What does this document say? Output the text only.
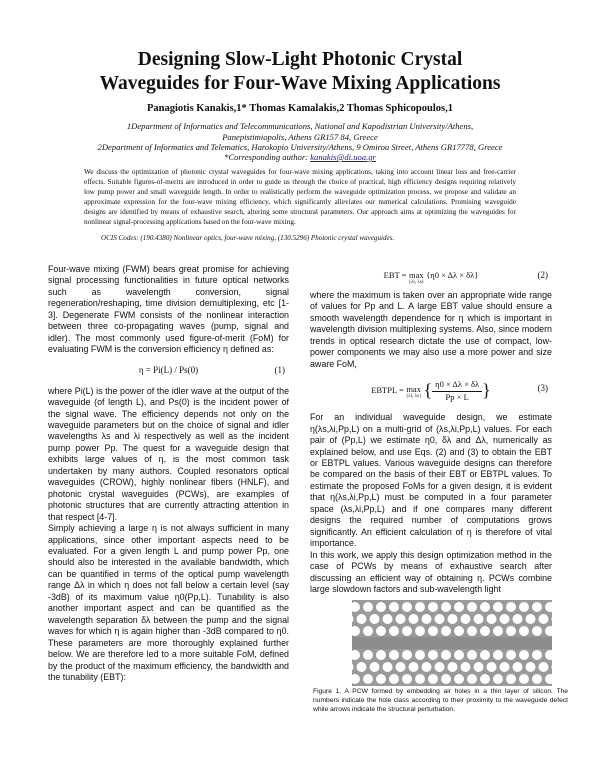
Designing Slow-Light Photonic Crystal
Waveguides for Four-Wave Mixing Applications
Panagiotis Kanakis,1* Thomas Kamalakis,2 Thomas Sphicopoulos,1
1Department of Informatics and Telecommunications, National and Kapodistrian University/Athens,
Panepistimiopolis, Athens GR157 84, Greece
2Department of Informatics and Telematics, Harokopio University/Athens, 9 Omirou Street, Athens GR17778, Greece
*Corresponding author: kanakis@di.uoa.gr

We discuss the optimization of photonic crystal waveguides for four-wave mixing applications, taking into account linear loss and free-carrier effects. Suitable figures-of-merits are introduced in order to guide us through the choice of practical, high efficiency designs requiring relatively low pump power and small waveguide length. In order to realistically perform the waveguide optimization process, we propose and validate an approximate expression for the four-wave mixing efficiency, which significantly alleviates our numerical calculations. Promising waveguide designs are identified by means of exhaustive search, altering some structural parameters. Our approach aims at optimizing the waveguides for nonlinear signal-processing applications based on the four-wave mixing.

OCIS Codes: (190.4380) Nonlinear optics, four-wave mixing, (130.5296) Photonic crystal waveguides.

Four-wave mixing (FWM) bears great promise for achieving signal processing functionalities in future optical networks such as wavelength conversion, signal regeneration/reshaping, time division demultiplexing, etc [1-3]. Degenerate FWM consists of the nonlinear interaction between three co-propagating waves (pump, signal and idler). The most commonly used figure-of-merit (FoM) for evaluating FWM is the conversion efficiency η defined as:

η = Pi(L) / Ps(0)	(1)

where Pi(L) is the power of the idler wave at the output of the waveguide (of length L), and Ps(0) is the incident power of the signal wave. The efficiency depends not only on the waveguide parameters but on the choice of signal and idler wavelengths λs and λi respectively as well as the incident pump power Pp. The quest for a waveguide design that exhibits large values of η, is the most common task undertaken by many authors. Coupled resonators optical waveguides (CROW), highly nonlinear fibers (HNLF), and photonic crystal waveguides (PCWs), are examples of photonic structures that are currently attracting attention in that respect [4-7].

Simply achieving a large η is not always sufficient in many applications, since other important aspects need to be evaluated. For a given length L and pump power Pp, one should also be interested in the available bandwidth, which can be quantified in terms of the optical pump wavelength range Δλ in which η does not fall below a certain level (say -3dB) of its maximum value η0(Pp,L). Tunability is also another important aspect and can be quantified as the wavelength separation δλ between the pump and the signal waves for which η is again higher than -3dB compared to η0. These parameters are more thoroughly explained further below. We are therefore led to a more suitable FoM, defined by the product of the maximum efficiency, the bandwidth and the tunability (EBT):

EBT = max
{λi, λs}
{η0 × Δλ × δλ}	(2)

where the maximum is taken over an appropriate wide range of values for Pp and L. A large EBT value should ensure a smooth wavelength dependence for η which is important in wavelength division multiplexing systems. Also, since modern trends in optical research dictate the use of compact, low-power components we may also use a more power and size aware FoM,

EBTPL = max
{λi, λs} { $\frac{\eta 0 \times \Delta\lambda \times \delta\lambda}{Pp \times L}$ }	(3)

For an individual waveguide design, we estimate η(λs,λi,Pp,L) on a multi-grid of (λs,λi,Pp,L) values. For each pair of (Pp,L) we estimate η0, δλ and Δλ, numerically as explained below, and use Eqs. (2) and (3) to obtain the EBT or EBTPL values. Various waveguide designs can therefore be compared on the basis of their EBT or EBTPL values. To estimate the proposed FoMs for a given design, it is evident that η(λs,λi,Pp,L) must be computed in a four parameter space (λs,λi,Pp,L) and if one compares many different designs the required number of computations grows significantly. An efficient calculation of η is therefore of vital importance.

In this work, we apply this design optimization method in the case of PCWs by means of exhaustive search after discussing an efficient way of obtaining η. PCWs combine large slowdown factors and sub-wavelength light

Figure 1. A PCW formed by embedding air holes in a thin layer of silicon. The numbers indicate the hole class according to their proximity to the waveguide defect while arrows indicate the structural perturbation.
